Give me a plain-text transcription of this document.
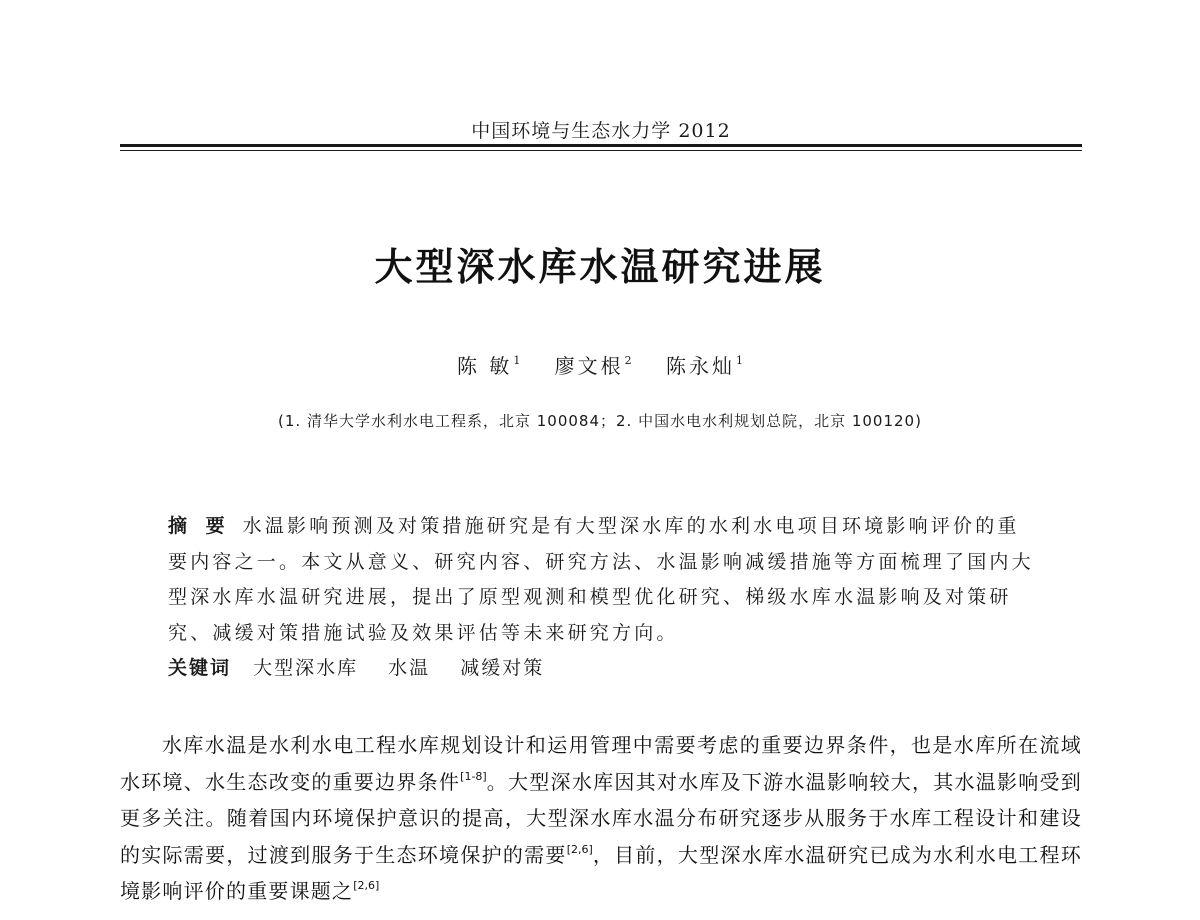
中国环境与生态水力学 2012
大型深水库水温研究进展
陈 敏$^1$ 廖文根$^2$ 陈永灿$^1$
(1. 清华大学水利水电工程系，北京 100084；2. 中国水电水利规划总院，北京 100120)
摘 要 水温影响预测及对策措施研究是有大型深水库的水利水电项目环境影响评价的重要内容之一。本文从意义、研究内容、研究方法、水温影响减缓措施等方面梳理了国内大型深水库水温研究进展，提出了原型观测和模型优化研究、梯级水库水温影响及对策研究、减缓对策措施试验及效果评估等未来研究方向。
关键词 大型深水库 水温 减缓对策
水库水温是水利水电工程水库规划设计和运用管理中需要考虑的重要边界条件，也是水库所在流域水环境、水生态改变的重要边界条件[1-8]。大型深水库因其对水库及下游水温影响较大，其水温影响受到更多关注。随着国内环境保护意识的提高，大型深水库水温分布研究逐步从服务于水库工程设计和建设的实际需要，过渡到服务于生态环境保护的需要[2,6]，目前，大型深水库水温研究已成为水利水电工程环境影响评价的重要课题之[2,6]
